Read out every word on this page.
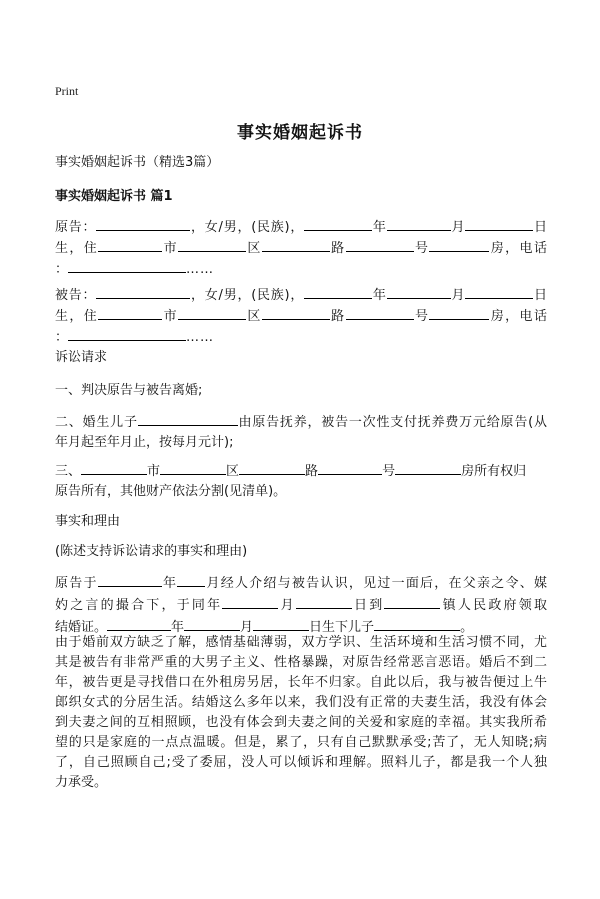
Print
事实婚姻起诉书

事实婚姻起诉书（精选3篇）

事实婚姻起诉书 篇1

原告：	，女/男，(民族)，	年	月	日
生，住	市	区	路	号	房，电话
：	……
被告：	，女/男，(民族)，	年	月	日
生，住	市	区	路	号	房，电话
：	……

诉讼请求

一、判决原告与被告离婚;

二、婚生儿子	由原告抚养，被告一次性支付抚养费万元给原告(从
年月起至年月止，按每月元计);
三、	市	区	路	号	房所有权归
原告所有，其他财产依法分割(见清单)。

事实和理由

(陈述支持诉讼请求的事实和理由)

原告于	年 月经人介绍与被告认识，见过一面后，在父亲之令、媒
妁之言的撮合下，于同年	月	日到	镇人民政府领取
结婚证。	年	月	日生下儿子	。
由于婚前双方缺乏了解，感情基础薄弱，双方学识、生活环境和生活习惯不同，尤
其是被告有非常严重的大男子主义、性格暴躁，对原告经常恶言恶语。婚后不到二
年，被告更是寻找借口在外租房另居，长年不归家。自此以后，我与被告便过上牛
郎织女式的分居生活。结婚这么多年以来，我们没有正常的夫妻生活，我没有体会
到夫妻之间的互相照顾，也没有体会到夫妻之间的关爱和家庭的幸福。其实我所希
望的只是家庭的一点点温暖。但是，累了，只有自己默默承受;苦了，无人知晓;病
了，自己照顾自己;受了委屈，没人可以倾诉和理解。照料儿子，都是我一个人独
力承受。
